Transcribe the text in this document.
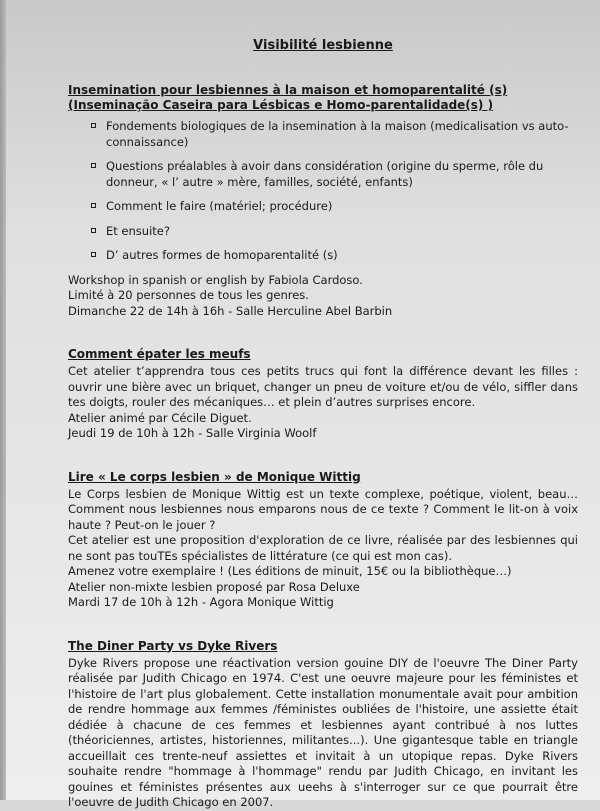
Visibilité lesbienne
Insemination pour lesbiennes à la maison et homoparentalité (s) (Inseminação Caseira para Lésbicas e Homo-parentalidade(s) )
Fondements biologiques de la insemination à la maison (medicalisation vs auto-connaissance)
Questions préalables à avoir dans considération (origine du sperme, rôle du donneur, « l’ autre » mère, familles, société, enfants)
Comment le faire (matériel; procédure)
Et ensuite?
D’ autres formes de homoparentalité (s)

Workshop in spanish or english by Fabiola Cardoso.

Limité à 20 personnes de tous les genres.

Dimanche 22 de 14h à 16h - Salle Herculine Abel Barbin

Comment épater les meufs

Cet atelier t’apprendra tous ces petits trucs qui font la différence devant les filles : ouvrir une bière avec un briquet, changer un pneu de voiture et/ou de vélo, siffler dans tes doigts, rouler des mécaniques… et plein d’autres surprises encore.

Atelier animé par Cécile Diguet.

Jeudi 19 de 10h à 12h - Salle Virginia Woolf

Lire « Le corps lesbien » de Monique Wittig

Le Corps lesbien de Monique Wittig est un texte complexe, poétique, violent, beau… Comment nous lesbiennes nous emparons nous de ce texte ? Comment le lit-on à voix haute ? Peut-on le jouer ?

Cet atelier est une proposition d'exploration de ce livre, réalisée par des lesbiennes qui ne sont pas touTEs spécialistes de littérature (ce qui est mon cas).

Amenez votre exemplaire ! (Les éditions de minuit, 15€ ou la bibliothèque…)

Atelier non-mixte lesbien proposé par Rosa Deluxe

Mardi 17 de 10h à 12h - Agora Monique Wittig

The Diner Party vs Dyke Rivers

Dyke Rivers propose une réactivation version gouine DIY de l'oeuvre The Diner Party réalisée par Judith Chicago en 1974. C'est une oeuvre majeure pour les féministes et l'histoire de l'art plus globalement. Cette installation monumentale avait pour ambition de rendre hommage aux femmes /féministes oubliées de l'histoire, une assiette était dédiée à chacune de ces femmes et lesbiennes ayant contribué à nos luttes (théoriciennes, artistes, historiennes, militantes...). Une gigantesque table en triangle accueillait ces trente-neuf assiettes et invitait à un utopique repas. Dyke Rivers souhaite rendre "hommage à l'hommage" rendu par Judith Chicago, en invitant les gouines et féministes présentes aux ueehs à s'interroger sur ce que pourrait être l'oeuvre de Judith Chicago en 2007.
